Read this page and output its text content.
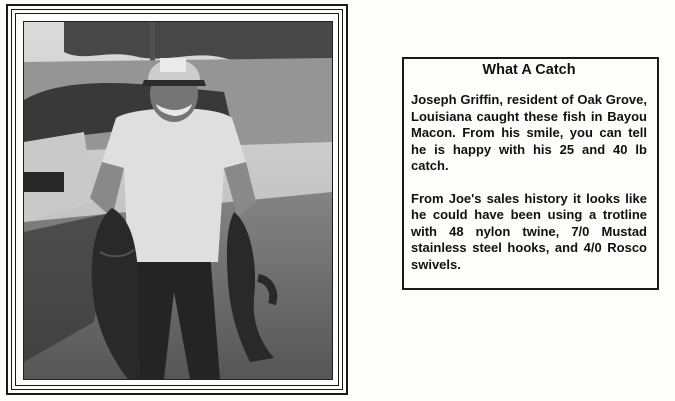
What A Catch

Joseph Griffin, resident of Oak Grove, Louisiana caught these fish in Bayou Macon. From his smile, you can tell he is happy with his 25 and 40 lb catch.

From Joe's sales history it looks like he could have been using a trotline with 48 nylon twine, 7/0 Mustad stainless steel hooks, and 4/0 Rosco swivels.
